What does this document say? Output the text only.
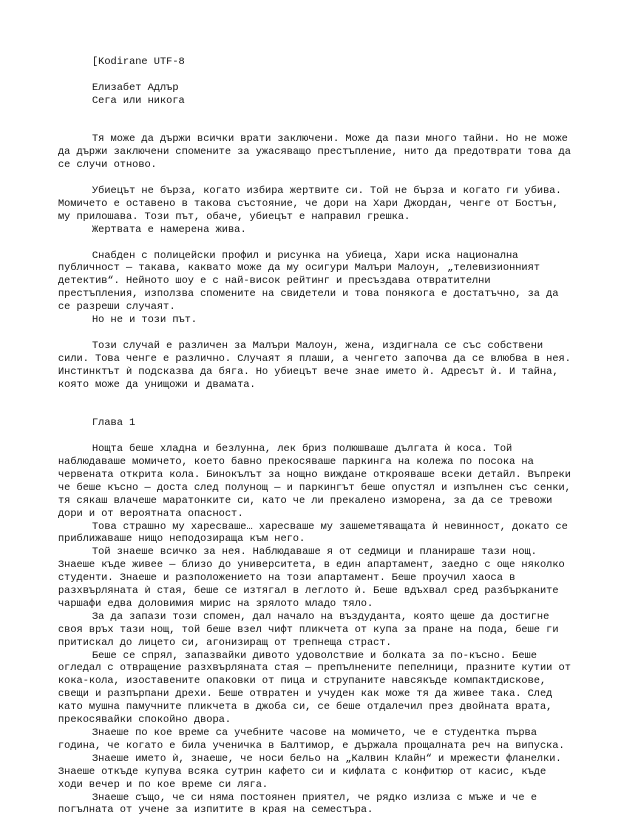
[Kodirane UTF-8

Елизабет Адлър

Сега или никога

Тя може да държи всички врати заключени. Може да пази много тайни. Но не може
да държи заключени спомените за ужасяващо престъпление, нито да предотврати това да
се случи отново.

Убиецът не бърза, когато избира жертвите си. Той не бърза и когато ги убива.
Момичето е оставено в такова състояние, че дори на Хари Джордан, ченге от Бостън,
му прилошава. Този път, обаче, убиецът е направил грешка.

Жертвата е намерена жива.

Снабден с полицейски профил и рисунка на убиеца, Хари иска национална
публичност — такава, каквато може да му осигури Малъри Малоун, „телевизионният
детектив“. Нейното шоу е с най-висок рейтинг и пресъздава отвратителни
престъпления, използва спомените на свидетели и това понякога е достатъчно, за да
се разреши случаят.

Но не и този път.

Този случай е различен за Малъри Малоун, жена, издигнала се със собствени
сили. Това ченге е различно. Случаят я плаши, а ченгето започва да се влюбва в нея.
Инстинктът ѝ подсказва да бяга. Но убиецът вече знае името ѝ. Адресът ѝ. И тайна,
която може да унищожи и двамата.

Глава 1

Нощта беше хладна и безлунна, лек бриз полюшваше дългата ѝ коса. Той
наблюдаваше момичето, което бавно прекосяваше паркинга на колежа по посока на
червената открита кола. Бинокълът за нощно виждане открояваше всеки детайл. Въпреки
че беше късно — доста след полунощ — и паркингът беше опустял и изпълнен със сенки,
тя сякаш влачеше маратонките си, като че ли прекалено изморена, за да се тревожи
дори и от вероятната опасност.

Това страшно му харесваше… харесваше му зашеметяващата ѝ невинност, докато се
приближаваше нищо неподозираща към него.

Той знаеше всичко за нея. Наблюдаваше я от седмици и планираше тази нощ.
Знаеше къде живее — близо до университета, в един апартамент, заедно с още няколко
студенти. Знаеше и разположението на този апартамент. Беше проучил хаоса в
разхвърляната ѝ стая, беше се изтягал в леглото ѝ. Беше вдъхвал сред разбърканите
чаршафи едва доловимия мирис на зрялото младо тяло.

За да запази този спомен, дал начало на въздуданта, която щеше да достигне
своя връх тази нощ, той беше взел чифт пликчета от купа за пране на пода, беше ги
притискал до лицето си, агонизиращ от трепнеща страст.

Беше се спрял, запазвайки дивото удоволствие и болката за по-късно. Беше
огледал с отвращение разхвърляната стая — препълнените пепелници, празните кутии от
кока-кола, изоставените опаковки от пица и струпаните навсякъде компактдискове,
свещи и разпърпани дрехи. Беше отвратен и учуден как може тя да живее така. След
като мушна памучните пликчета в джоба си, се беше отдалечил през двойната врата,
прекосявайки спокойно двора.

Знаеше по кое време са учебните часове на момичето, че е студентка първа
година, че когато е била ученичка в Балтимор, е държала прощалната реч на випуска.

Знаеше името ѝ, знаеше, че носи бельо на „Калвин Клайн“ и мрежести фланелки.
Знаеше откъде купува всяка сутрин кафето си и кифлата с конфитюр от касис, къде
ходи вечер и по кое време си ляга.

Знаеше също, че си няма постоянен приятел, че рядко излиза с мъже и че е
погълната от учене за изпитите в края на семестъра.
